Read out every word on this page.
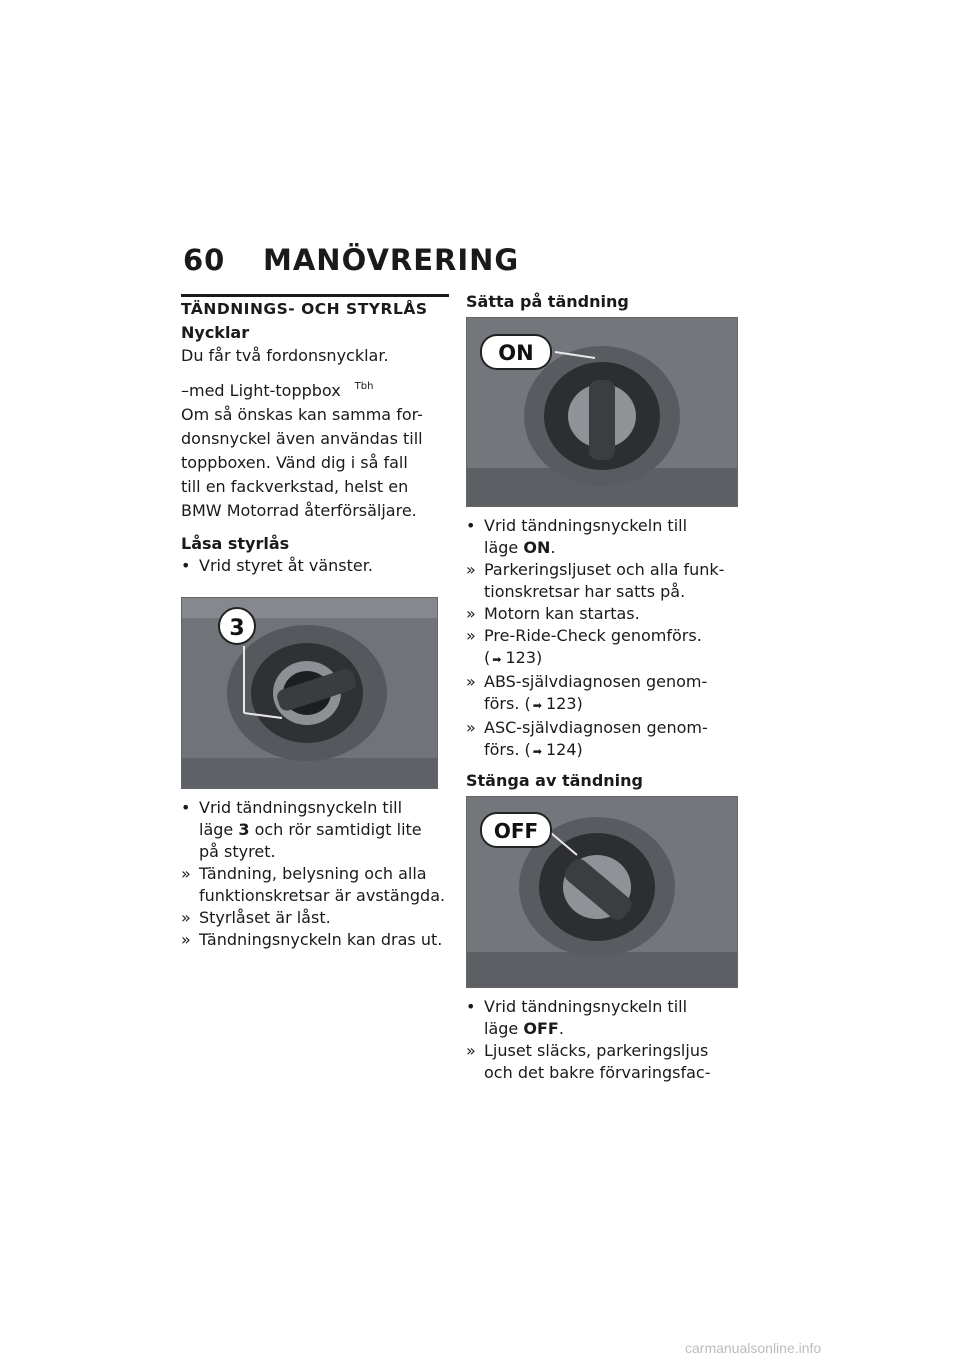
60 MANÖVRERING
TÄNDNINGS- OCH STYRLÅS
Nycklar

Du får två fordonsnycklar.

–med Light-toppbox $^{Tbh}$

Om så önskas kan samma for-

donsnyckel även användas till

toppboxen. Vänd dig i så fall

till en fackverkstad, helst en

BMW Motorrad återförsäljare.

Låsa styrlås
• Vrid styret åt vänster.
3
• Vrid tändningsnyckeln till
läge 3 och rör samtidigt lite
på styret.
» Tändning, belysning och alla
funktionskretsar är avstängda.
» Styrlåset är låst.
» Tändningsnyckeln kan dras ut.
Sätta på tändning
ON
• Vrid tändningsnyckeln till
läge ON.
» Parkeringsljuset och alla funk-
tionskretsar har satts på.
» Motorn kan startas.
» Pre-Ride-Check genomförs.
( ➡ 123)
» ABS-självdiagnosen genom-
förs. ( ➡ 123)
» ASC-självdiagnosen genom-
förs. ( ➡ 124)
Stänga av tändning
OFF
• Vrid tändningsnyckeln till
läge OFF.
» Ljuset släcks, parkeringsljus
och det bakre förvaringsfac-
carmanualsonline.info
